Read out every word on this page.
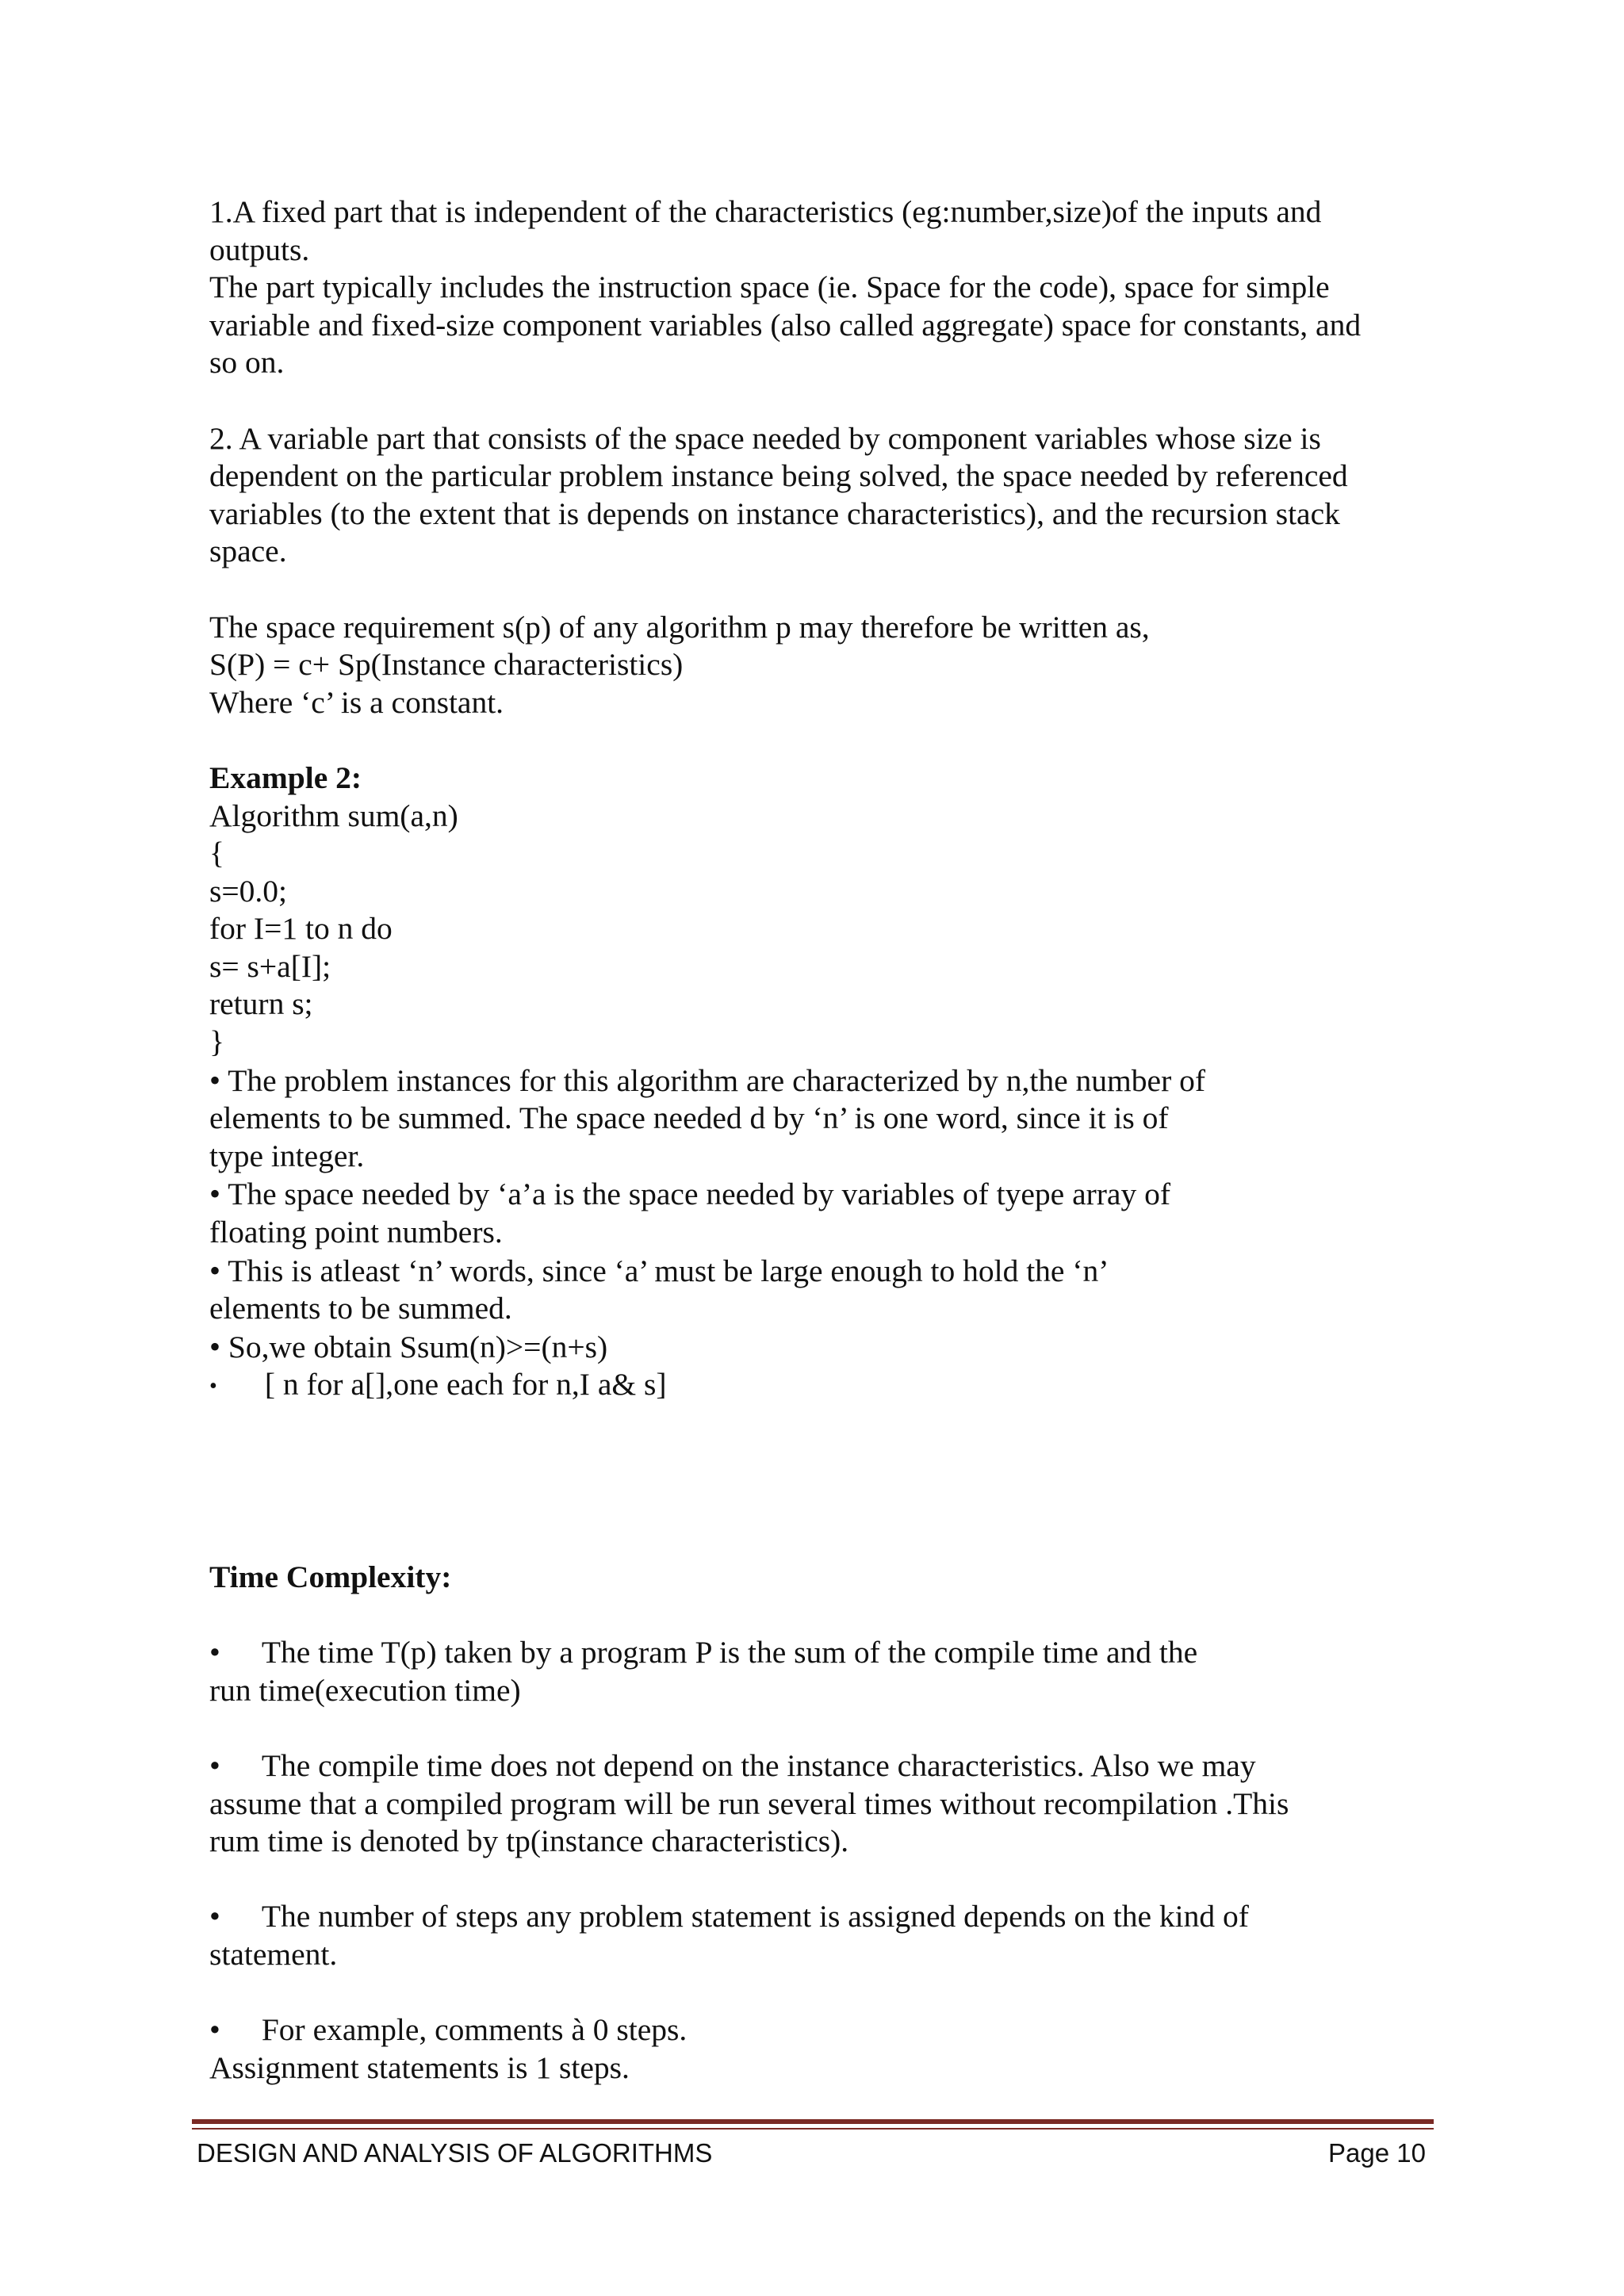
1.A fixed part that is independent of the characteristics (eg:number,size)of the inputs and
outputs.
The part typically includes the instruction space (ie. Space for the code), space for simple
variable and fixed-size component variables (also called aggregate) space for constants, and
so on.
2. A variable part that consists of the space needed by component variables whose size is
dependent on the particular problem instance being solved, the space needed by referenced
variables (to the extent that is depends on instance characteristics), and the recursion stack
space.
The space requirement s(p) of any algorithm p may therefore be written as,
S(P) = c+ Sp(Instance characteristics)
Where ‘c’ is a constant.
Example 2:
Algorithm sum(a,n)
{
s=0.0;
for I=1 to n do
s= s+a[I];
return s;
}
• The problem instances for this algorithm are characterized by n,the number of
elements to be summed. The space needed d by ‘n’ is one word, since it is of
type integer.
• The space needed by ‘a’a is the space needed by variables of tyepe array of
floating point numbers.
• This is atleast ‘n’ words, since ‘a’ must be large enough to hold the ‘n’
elements to be summed.
• So,we obtain Ssum(n)>=(n+s)
• [ n for a[],one each for n,I a& s]
Time Complexity:
• The time T(p) taken by a program P is the sum of the compile time and the
run time(execution time)
• The compile time does not depend on the instance characteristics. Also we may
assume that a compiled program will be run several times without recompilation .This
rum time is denoted by tp(instance characteristics).
• The number of steps any problem statement is assigned depends on the kind of
statement.
• For example, comments à 0 steps.
Assignment statements is 1 steps.
DESIGN AND ANALYSIS OF ALGORITHMS	Page 10
